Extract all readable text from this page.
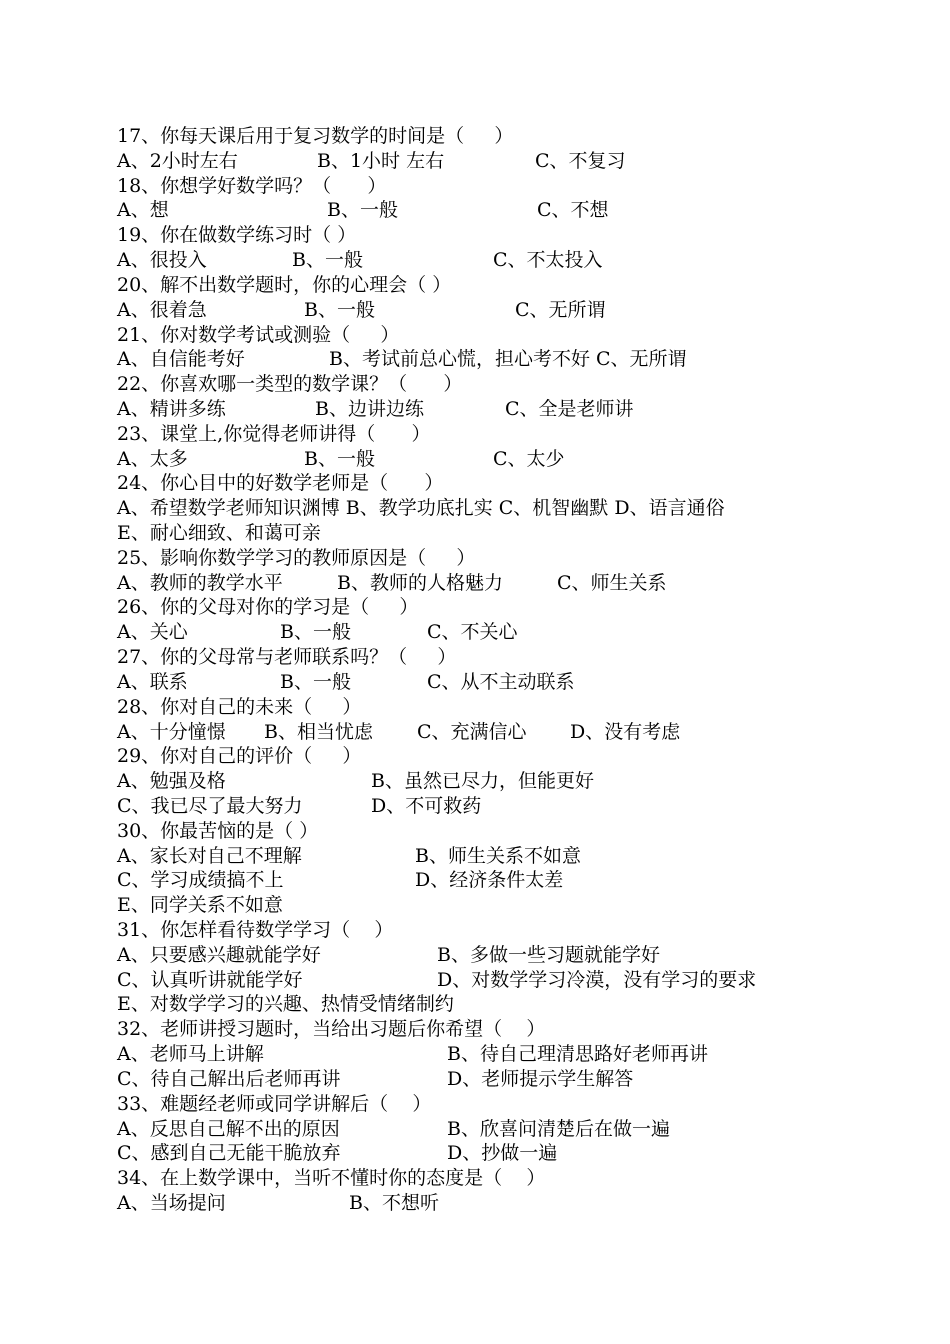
17、你每天课后用于复习数学的时间是（     ）
A、2小时左右	B、1小时 左右	C、不复习
18、你想学好数学吗？（      ）
A、想	B、一般	C、不想
19、你在做数学练习时（ ）
A、很投入	B、一般	C、不太投入
20、解不出数学题时，你的心理会（ ）
A、很着急	B、一般	C、无所谓
21、你对数学考试或测验（     ）
A、自信能考好	B、考试前总心慌，担心考不好 C、无所谓
22、你喜欢哪一类型的数学课？（      ）
A、精讲多练	B、边讲边练	C、全是老师讲
23、课堂上,你觉得老师讲得（      ）
A、太多	B、一般	C、太少
24、你心目中的好数学老师是（      ）
A、希望数学老师知识渊博 B、教学功底扎实 C、机智幽默 D、语言通俗
E、耐心细致、和蔼可亲
25、影响你数学学习的教师原因是（     ）
A、教师的教学水平	B、教师的人格魅力	C、师生关系
26、你的父母对你的学习是（     ）
A、关心	B、一般	C、不关心
27、你的父母常与老师联系吗？（     ）
A、联系	B、一般	C、从不主动联系
28、你对自己的未来（     ）
A、十分憧憬 B、相当忧虑 C、充满信心 D、没有考虑
29、你对自己的评价（     ）
A、勉强及格	B、虽然已尽力，但能更好
C、我已尽了最大努力	D、不可救药
30、你最苦恼的是（ ）
A、家长对自己不理解	B、师生关系不如意
C、学习成绩搞不上	D、经济条件太差
E、同学关系不如意
31、你怎样看待数学学习（    ）
A、只要感兴趣就能学好	B、多做一些习题就能学好
C、认真听讲就能学好	D、对数学学习冷漠，没有学习的要求
E、对数学学习的兴趣、热情受情绪制约
32、老师讲授习题时，当给出习题后你希望（    ）
A、老师马上讲解	B、待自己理清思路好老师再讲
C、待自己解出后老师再讲	D、老师提示学生解答
33、难题经老师或同学讲解后（    ）
A、反思自己解不出的原因	B、欣喜问清楚后在做一遍
C、感到自己无能干脆放弃	D、抄做一遍
34、在上数学课中，当听不懂时你的态度是（    ）
A、当场提问	B、不想听
